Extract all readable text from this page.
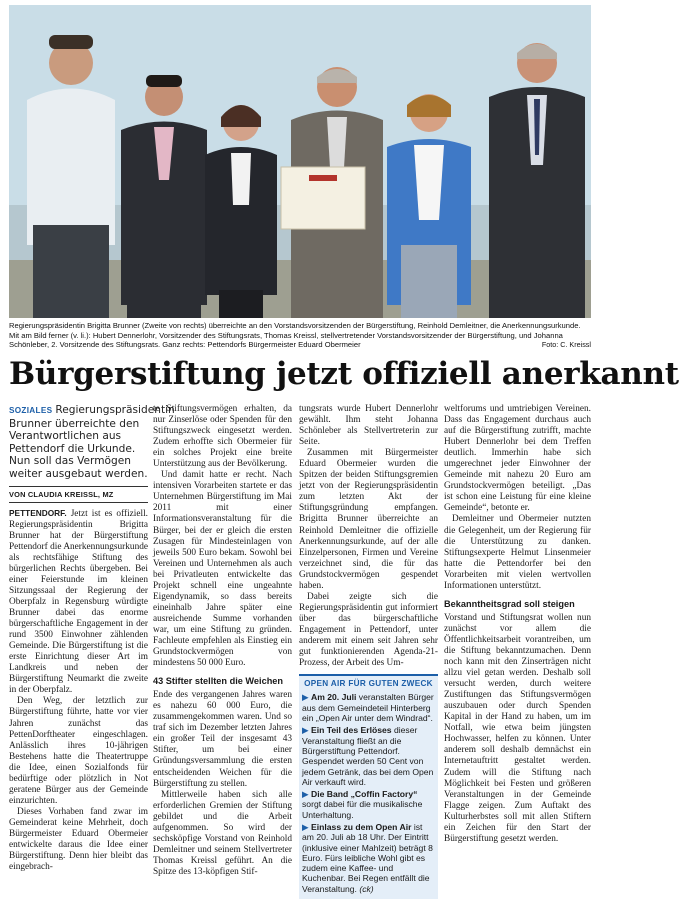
Regierungspräsidentin Brigitta Brunner (Zweite von rechts) überreichte an den Vorstandsvorsitzenden der Bürgerstiftung, Reinhold Demleitner, die Anerkennungsurkunde. Mit am Bild ferner (v. li.): Hubert Dennerlohr, Vorsitzender des Stiftungsrats, Thomas Kreissl, stellvertretender Vorstandsvorsitzender der Bürgerstiftung, und Johanna Schönleber, 2. Vorsitzende des Stiftungsrats. Ganz rechts: Pettendorfs Bürgermeister Eduard Obermeier	Foto: C. Kreissl
Bürgerstiftung jetzt offiziell anerkannt
SOZIALES Regierungspräsidentin Brunner überreichte den Verantwortlichen aus Pettendorf die Urkunde. Nun soll das Vermögen weiter ausgebaut werden.
VON CLAUDIA KREISSL, MZ

PETTENDORF. Jetzt ist es offiziell. Regierungspräsidentin Brigitta Brunner hat der Bürgerstiftung Pettendorf die Anerkennungsurkunde als rechtsfähige Stiftung des bürgerlichen Rechts übergeben. Bei einer Feierstunde im kleinen Sitzungssaal der Regierung der Oberpfalz in Regensburg würdigte Brunner dabei das enorme bürgerschaftliche Engagement in der rund 3500 Einwohner zählenden Gemeinde. Die Bürgerstiftung ist die erste Einrichtung dieser Art im Landkreis und neben der Bürgerstiftung Neumarkt die zweite in der Oberpfalz.

Den Weg, der letztlich zur Bürgerstiftung führte, hatte vor vier Jahren zunächst das PettenDorftheater eingeschlagen. Anlässlich ihres 10-jährigen Bestehens hatte die Theatertruppe die Idee, einen Sozialfonds für bedürftige oder plötzlich in Not geratene Bürger aus der Gemeinde einzurichten.

Dieses Vorhaben fand zwar im Gemeinderat keine Mehrheit, doch Bürgermeister Eduard Obermeier entwickelte daraus die Idee einer Bürgerstiftung. Denn hier bleibt das eingebrach-

te Stiftungsvermögen erhalten, da nur Zinserlöse oder Spenden für den Stiftungszweck eingesetzt werden. Zudem erhoffte sich Obermeier für ein solches Projekt eine breite Unterstützung aus der Bevölkerung.

Und damit hatte er recht. Nach intensiven Vorarbeiten startete er das Unternehmen Bürgerstiftung im Mai 2011 mit einer Informationsveranstaltung für die Bürger, bei der er gleich die ersten Zusagen für Mindesteinlagen von jeweils 500 Euro bekam. Sowohl bei Vereinen und Unternehmen als auch bei Privatleuten entwickelte das Projekt schnell eine ungeahnte Eigendynamik, so dass bereits eineinhalb Jahre später eine ausreichende Summe vorhanden war, um eine Stiftung zu gründen. Fachleute empfehlen als Einstieg ein Grundstockvermögen von mindestens 50 000 Euro.

43 Stifter stellten die Weichen

Ende des vergangenen Jahres waren es nahezu 60 000 Euro, die zusammengekommen waren. Und so traf sich im Dezember letzten Jahres ein großer Teil der insgesamt 43 Stifter, um bei einer Gründungsversammlung die ersten entscheidenden Weichen für die Bürgerstiftung zu stellen.

Mittlerweile haben sich alle erforderlichen Gremien der Stiftung gebildet und die Arbeit aufgenommen. So wird der sechsköpfige Vorstand von Reinhold Demleitner und seinem Stellvertreter Thomas Kreissl geführt. An die Spitze des 13-köpfigen Stif-

tungsrats wurde Hubert Dennerlohr gewählt. Ihm steht Johanna Schönleber als Stellvertreterin zur Seite.

Zusammen mit Bürgermeister Eduard Obermeier wurden die Spitzen der beiden Stiftungsgremien jetzt von der Regierungspräsidentin zum letzten Akt der Stiftungsgründung empfangen. Brigitta Brunner überreichte an Reinhold Demleitner die offizielle Anerkennungsurkunde, auf der alle Einzelpersonen, Firmen und Vereine verzeichnet sind, die für das Grundstockvermögen gespendet haben.

Dabei zeigte sich die Regierungspräsidentin gut informiert über das bürgerschaftliche Engagement in Pettendorf, unter anderem mit einem seit Jahren sehr gut funktionierenden Agenda-21-Prozess, der Arbeit des Um-

OPEN AIR FÜR GUTEN ZWECK

▶ Am 20. Juli veranstalten Bürger aus dem Gemeindeteil Hinterberg ein „Open Air unter dem Windrad“.

▶ Ein Teil des Erlöses dieser Veranstaltung fließt an die Bürgerstiftung Pettendorf. Gespendet werden 50 Cent von jedem Getränk, das bei dem Open Air verkauft wird.

▶ Die Band „Coffin Factory“ sorgt dabei für die musikalische Unterhaltung.

▶ Einlass zu dem Open Air ist am 20. Juli ab 18 Uhr. Der Eintritt (inklusive einer Mahlzeit) beträgt 8 Euro. Fürs leibliche Wohl gibt es zudem eine Kaffee- und Kuchenbar. Bei Regen entfällt die Veranstaltung. (ck)

weltforums und umtriebigen Vereinen. Dass das Engagement durchaus auch auf die Bürgerstiftung zutrifft, machte Hubert Dennerlohr bei dem Treffen deutlich. Immerhin habe sich umgerechnet jeder Einwohner der Gemeinde mit nahezu 20 Euro am Grundstockvermögen beteiligt. „Das ist schon eine Leistung für eine kleine Gemeinde“, betonte er.

Demleitner und Obermeier nutzten die Gelegenheit, um der Regierung für die Unterstützung zu danken. Stiftungsexperte Helmut Linsenmeier hatte die Pettendorfer bei den Vorarbeiten mit vielen wertvollen Informationen unterstützt.

Bekanntheitsgrad soll steigen

Vorstand und Stiftungsrat wollen nun zunächst vor allem die Öffentlichkeitsarbeit vorantreiben, um die Stiftung bekanntzumachen. Denn noch kann mit den Zinserträgen nicht allzu viel getan werden. Deshalb soll versucht werden, durch weitere Zustiftungen das Stiftungsvermögen auszubauen oder durch Spenden Kapital in der Hand zu haben, um im Notfall, wie etwa beim jüngsten Hochwasser, helfen zu können. Unter anderem soll deshalb demnächst ein Internetauftritt gestaltet werden. Zudem will die Stiftung nach Möglichkeit bei Festen und größeren Veranstaltungen in der Gemeinde Flagge zeigen. Zum Auftakt des Kulturherbstes soll mit allen Stiftern ein Zeichen für den Start der Bürgerstiftung gesetzt werden.
